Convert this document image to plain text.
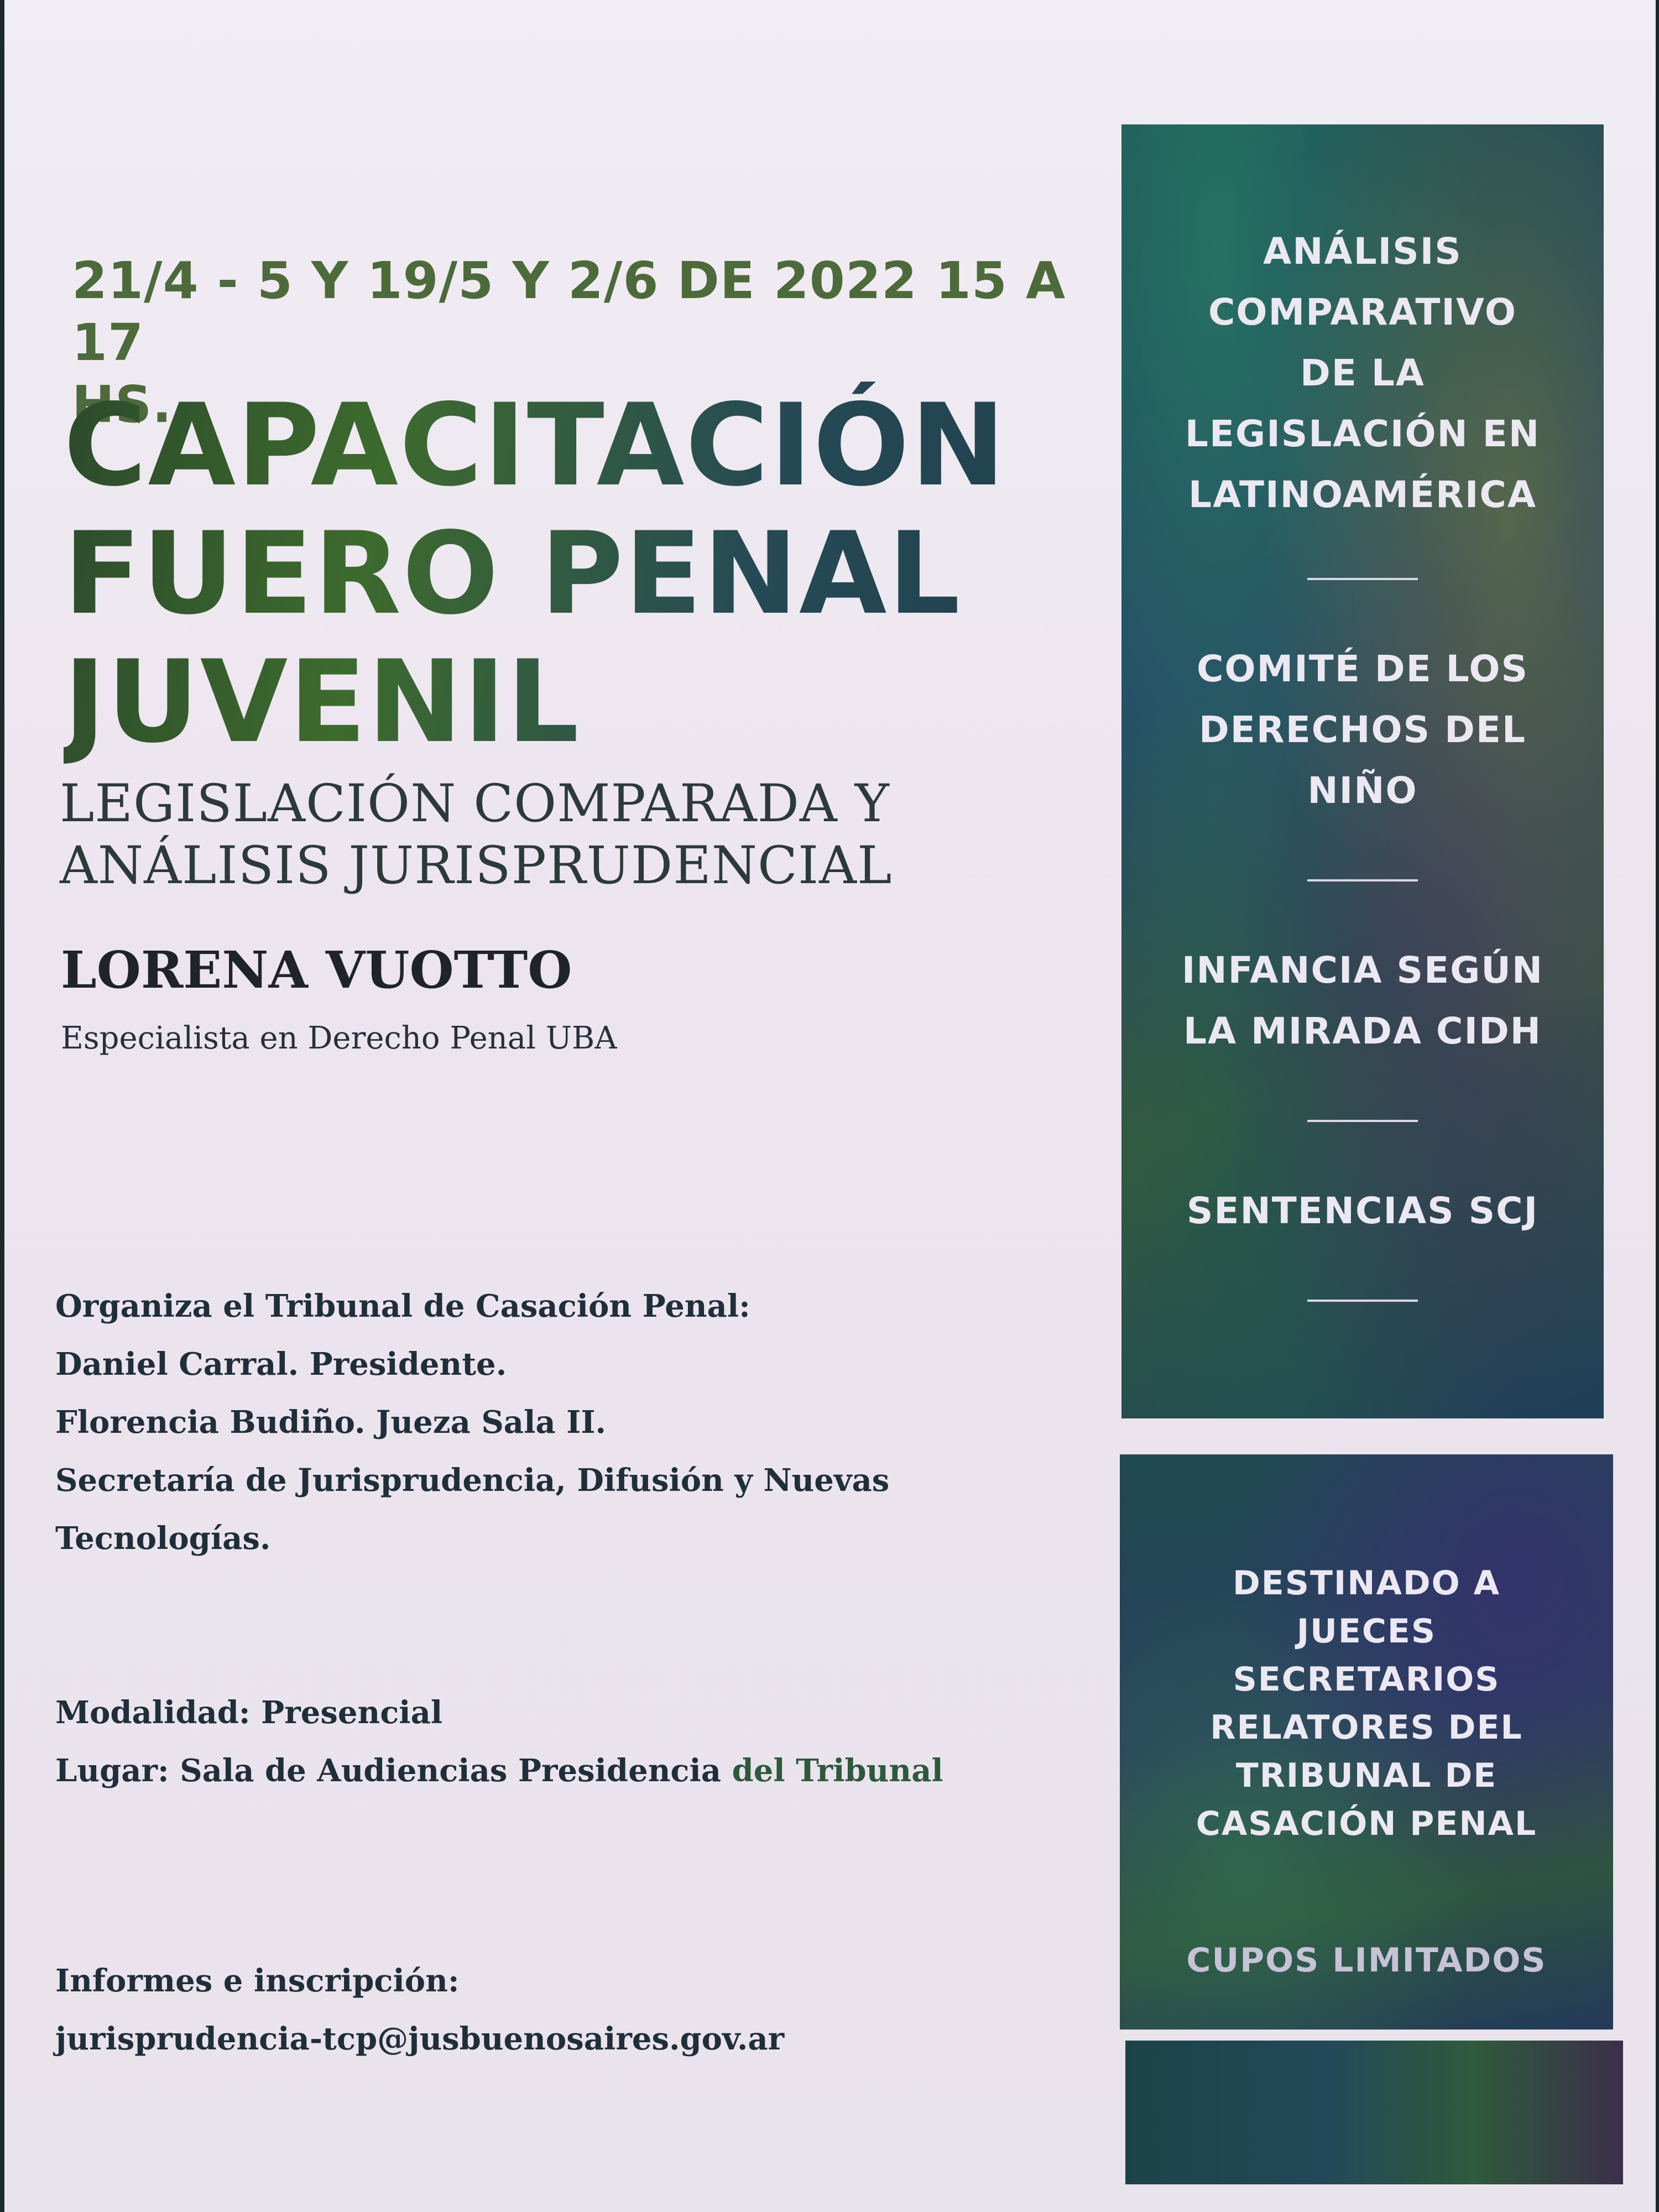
21/4 - 5 Y 19/5 Y 2/6 DE 2022 15 A 17
CAPACITACIÓN
FUERO PENAL
JUVENIL
LEGISLACIÓN COMPARADA Y
ANÁLISIS JURISPRUDENCIAL
LORENA VUOTTO
Especialista en Derecho Penal UBA
Organiza el Tribunal de Casación Penal:
Daniel Carral. Presidente.
Florencia Budiño. Jueza Sala II.
Secretaría de Jurisprudencia, Difusión y Nuevas
Tecnologías.
Modalidad: Presencial
Lugar: Sala de Audiencias Presidencia del Tribunal
Informes e inscripción:
jurisprudencia-tcp@jusbuenosaires.gov.ar
ANÁLISIS
COMPARATIVO
DE LA
LEGISLACIÓN EN
LATINOAMÉRICA
COMITÉ DE LOS
DERECHOS DEL
NIÑO
INFANCIA SEGÚN
LA MIRADA CIDH
SENTENCIAS SCJ
DESTINADO A
JUECES
SECRETARIOS
RELATORES DEL
TRIBUNAL DE
CASACIÓN PENAL
CUPOS LIMITADOS
